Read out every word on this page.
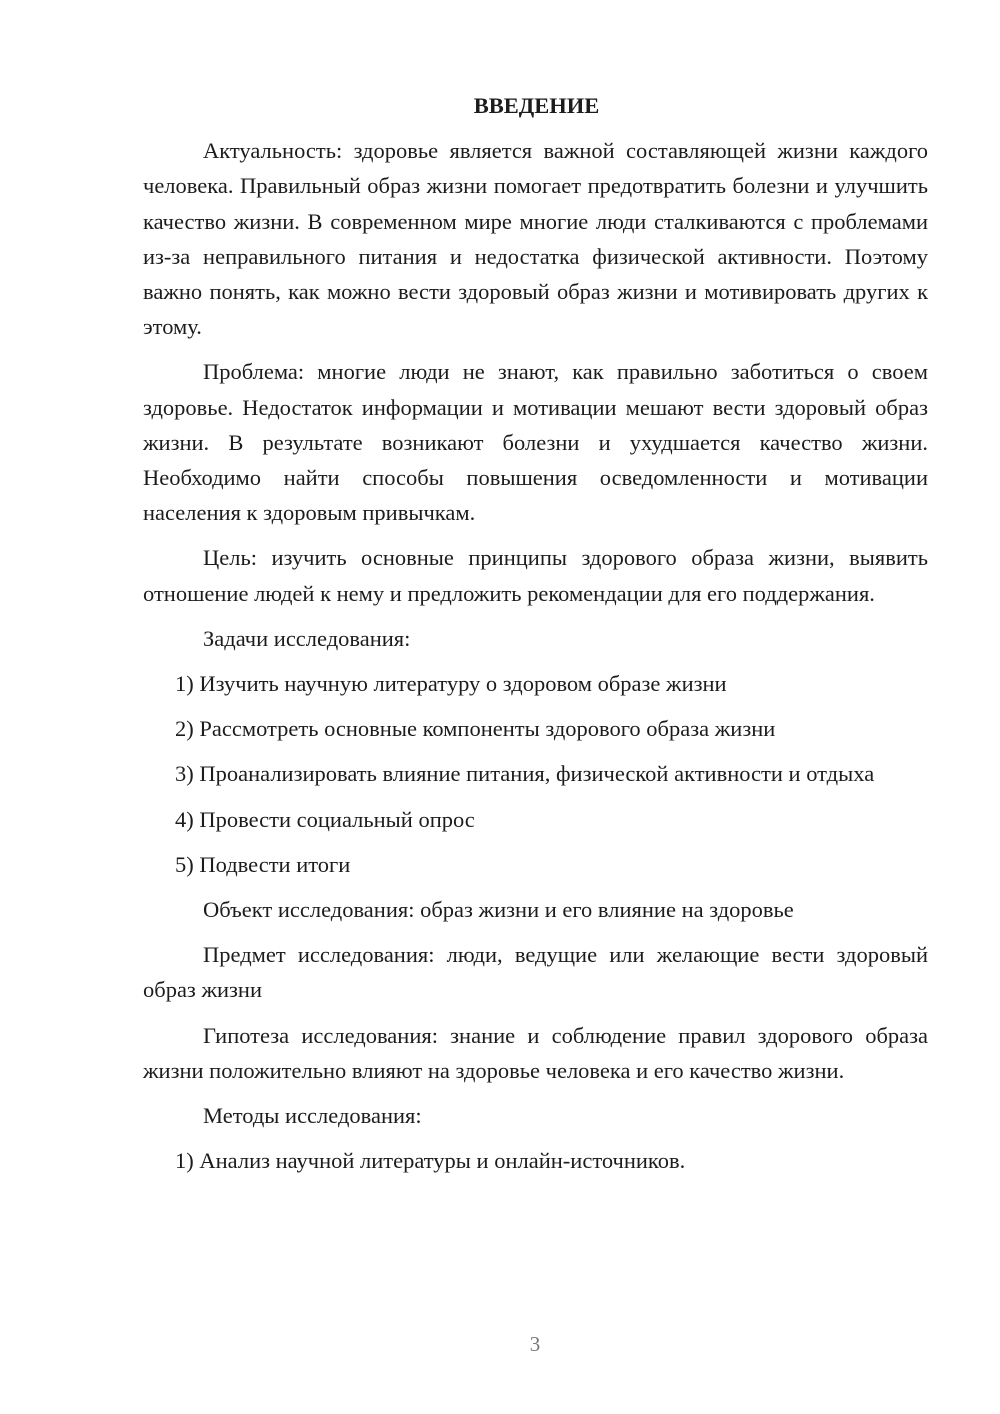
ВВЕДЕНИЕ

Актуальность: здоровье является важной составляющей жизни каждого человека. Правильный образ жизни помогает предотвратить болезни и улучшить качество жизни. В современном мире многие люди сталкиваются с проблемами из-за неправильного питания и недостатка физической активности. Поэтому важно понять, как можно вести здоровый образ жизни и мотивировать других к этому.

Проблема: многие люди не знают, как правильно заботиться о своем здоровье. Недостаток информации и мотивации мешают вести здоровый образ жизни. В результате возникают болезни и ухудшается качество жизни. Необходимо найти способы повышения осведомленности и мотивации населения к здоровым привычкам.

Цель: изучить основные принципы здорового образа жизни, выявить отношение людей к нему и предложить рекомендации для его поддержания.

Задачи исследования:

1) Изучить научную литературу о здоровом образе жизни

2) Рассмотреть основные компоненты здорового образа жизни

3) Проанализировать влияние питания, физической активности и отдыха

4) Провести социальный опрос

5) Подвести итоги

Объект исследования: образ жизни и его влияние на здоровье

Предмет исследования: люди, ведущие или желающие вести здоровый образ жизни

Гипотеза исследования: знание и соблюдение правил здорового образа жизни положительно влияют на здоровье человека и его качество жизни.

Методы исследования:

1) Анализ научной литературы и онлайн-источников.

3
